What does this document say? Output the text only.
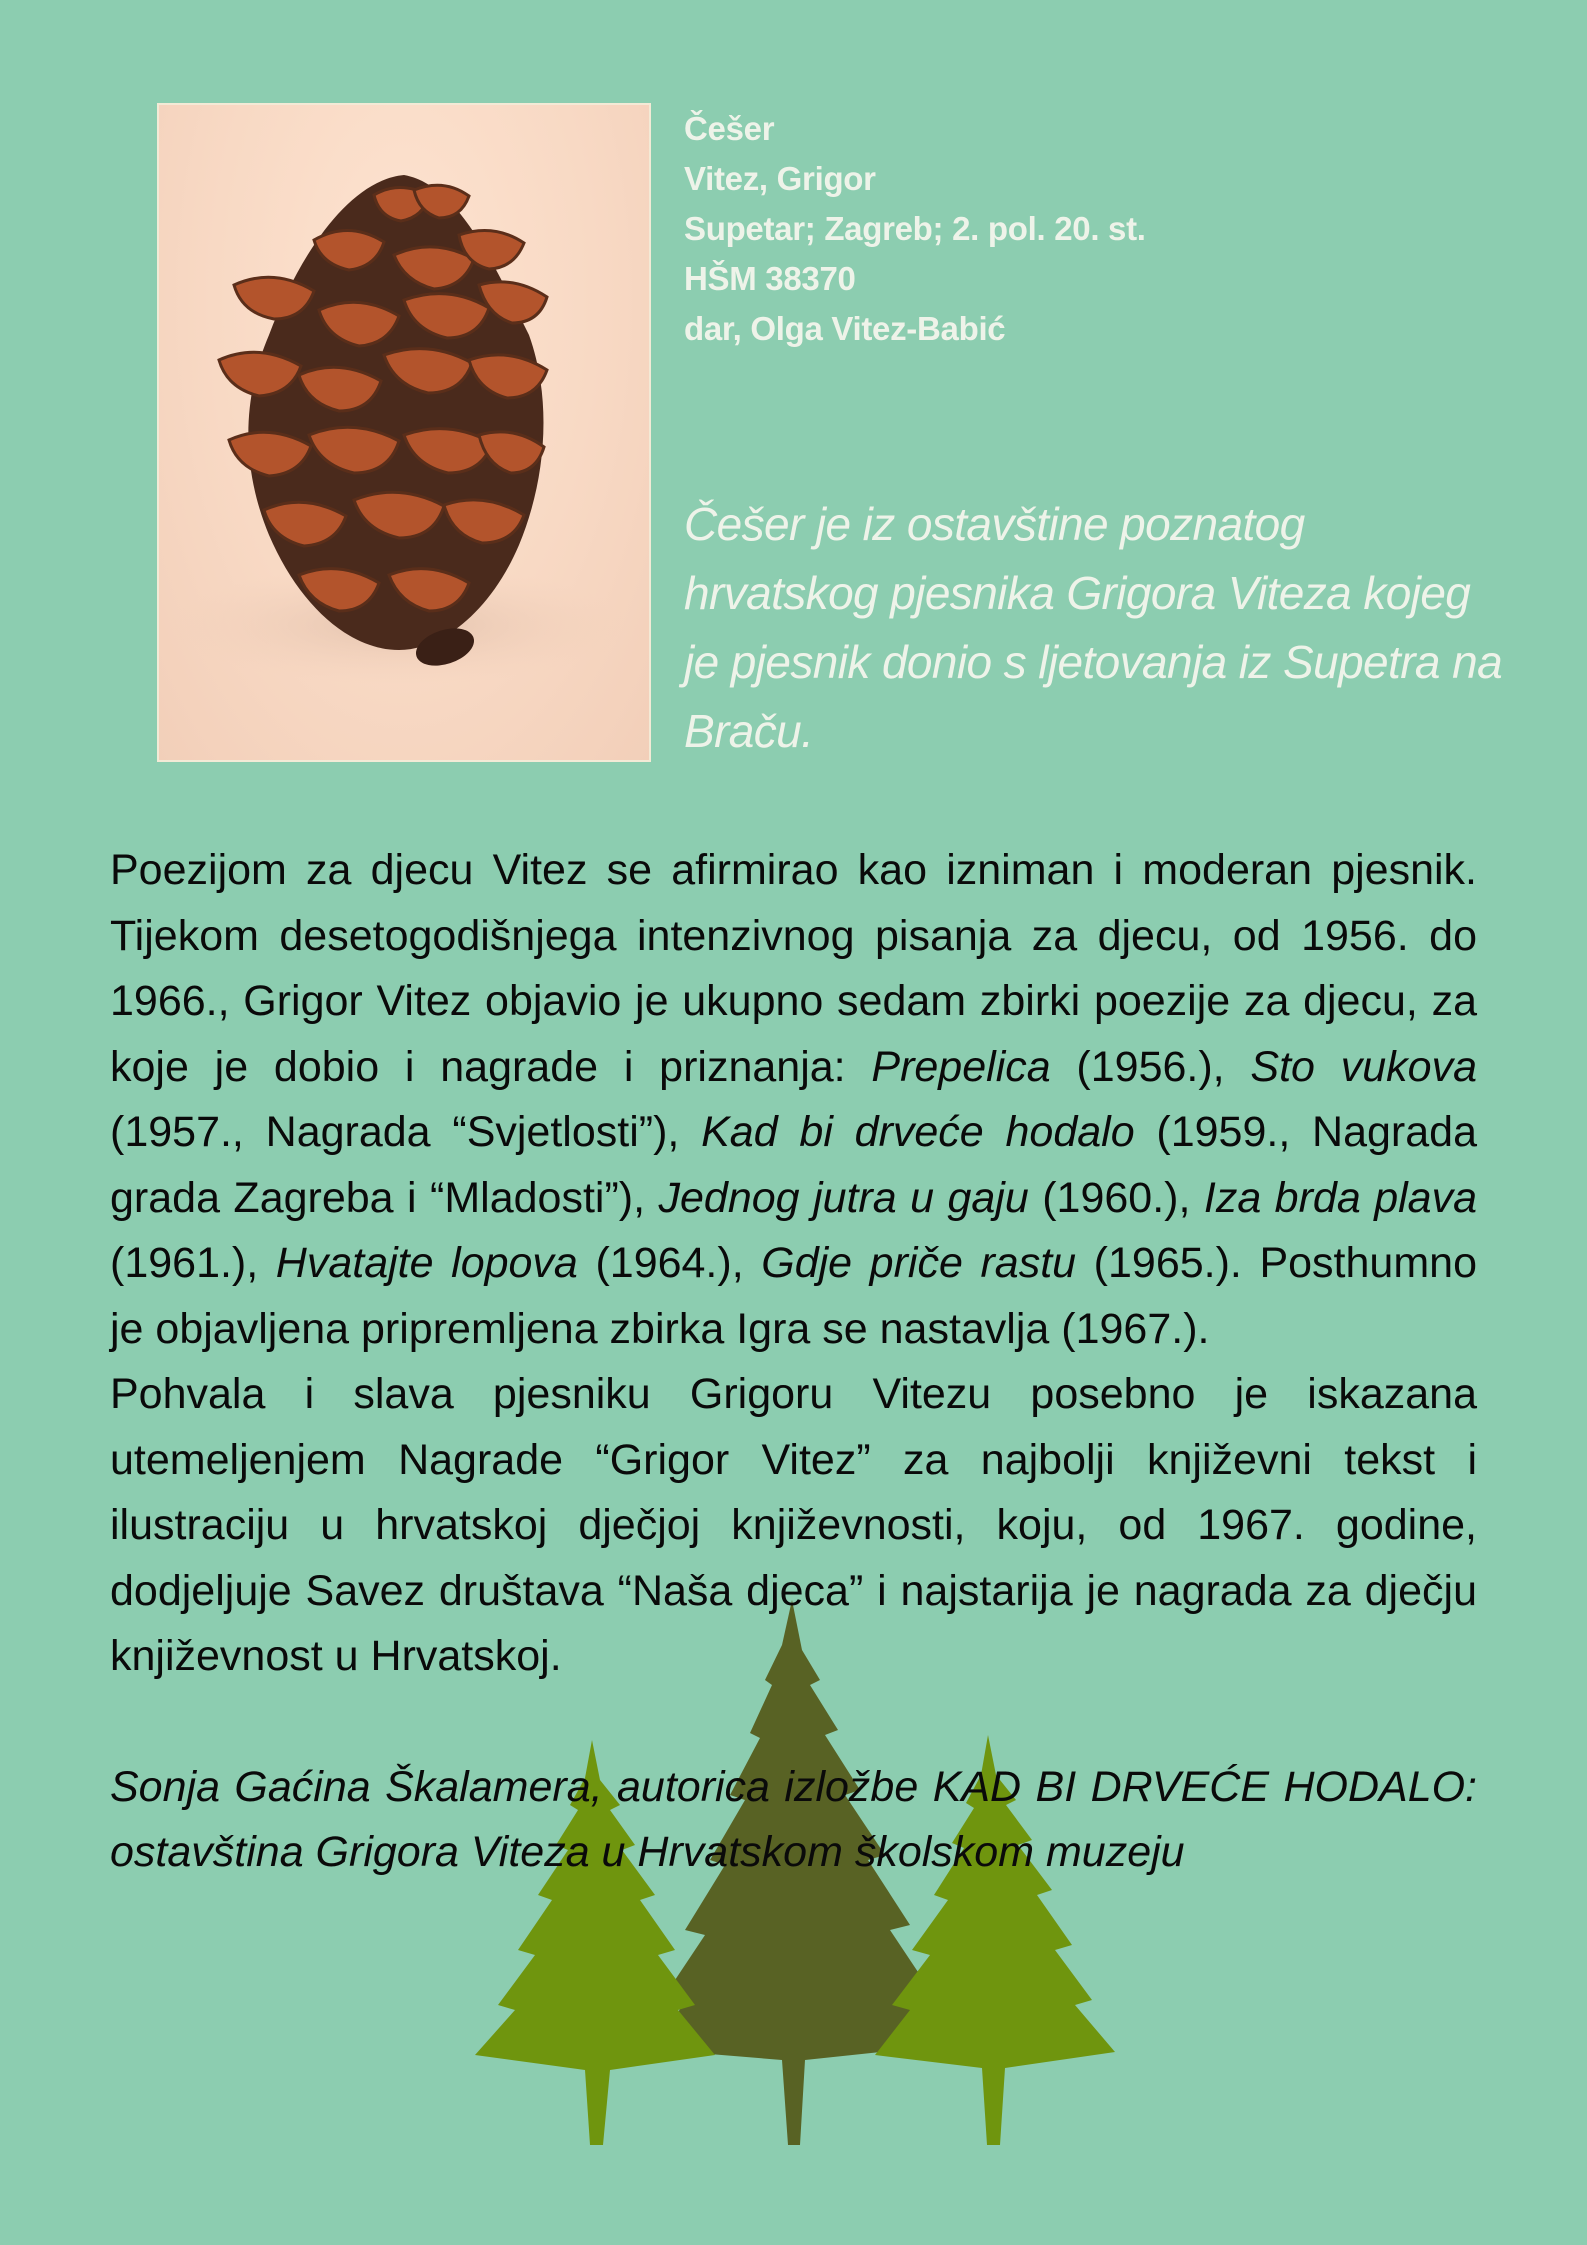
Češer
Vitez, Grigor
Supetar; Zagreb; 2. pol. 20. st.
HŠM 38370
dar, Olga Vitez-Babić
Češer je iz ostavštine poznatog hrvatskog pjesnika Grigora Viteza kojeg je pjesnik donio s ljetovanja iz Supetra na Braču.

Poezijom za djecu Vitez se afirmirao kao izniman i moderan pjesnik. Tijekom desetogodišnjega intenzivnog pisanja za djecu, od 1956. do 1966., Grigor Vitez objavio je ukupno sedam zbirki poezije za djecu, za koje je dobio i nagrade i priznanja: Prepelica (1956.), Sto vukova (1957., Nagrada “Svjetlosti”), Kad bi drveće hodalo (1959., Nagrada grada Zagreba i “Mladosti”), Jednog jutra u gaju (1960.), Iza brda plava (1961.), Hvatajte lopova (1964.), Gdje priče rastu (1965.). Posthumno je objavljena pripremljena zbirka Igra se nastavlja (1967.).

Pohvala i slava pjesniku Grigoru Vitezu posebno je iskazana utemeljenjem Nagrade “Grigor Vitez” za najbolji književni tekst i ilustraciju u hrvatskoj dječjoj književnosti, koju, od 1967. godine, dodjeljuje Savez društava “Naša djeca” i najstarija je nagrada za dječju književnost u Hrvatskoj.

Sonja Gaćina Škalamera, autorica izložbe KAD BI DRVEĆE HODALO: ostavština Grigora Viteza u Hrvatskom školskom muzeju
